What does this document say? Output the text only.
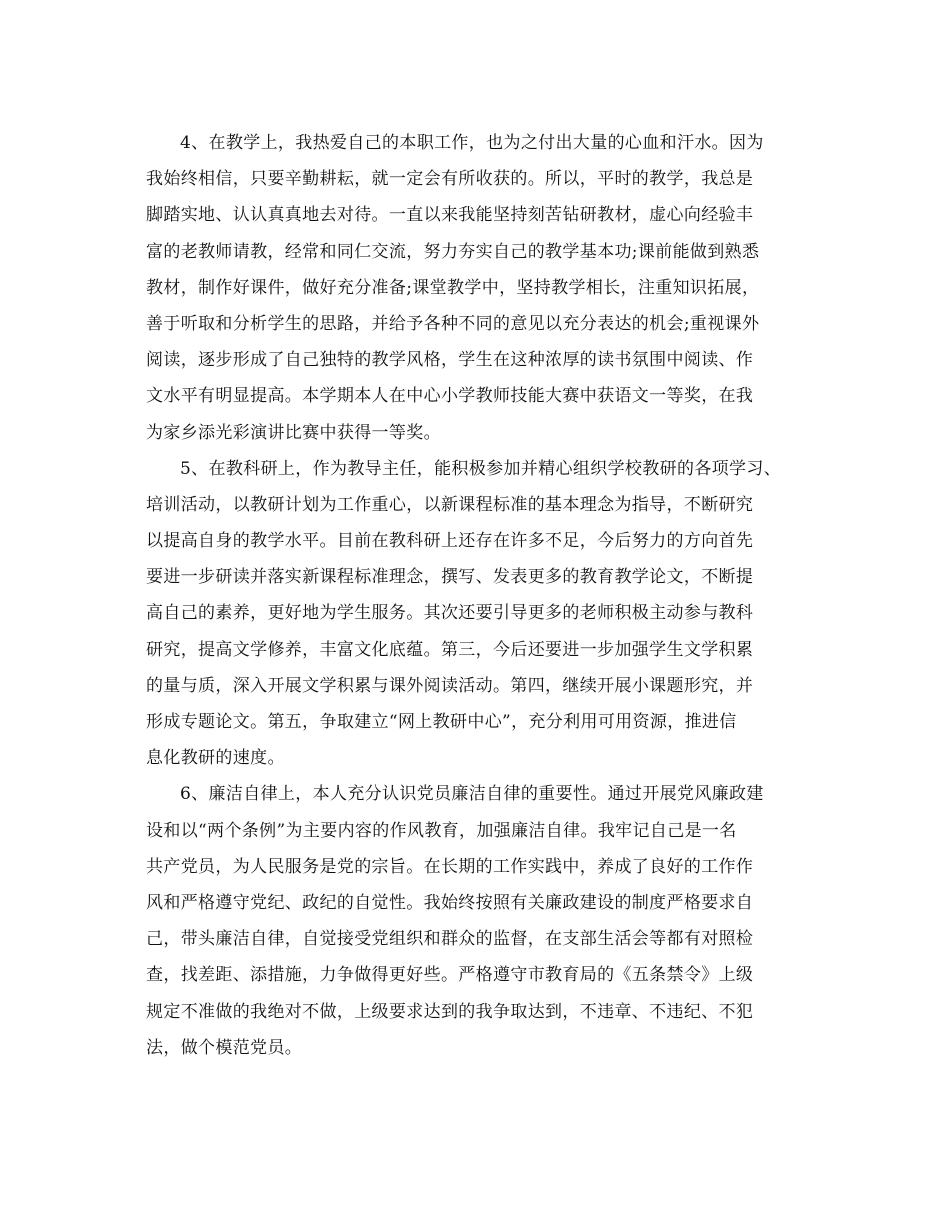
4、在教学上，我热爱自己的本职工作，也为之付出大量的心血和汗水。因为
我始终相信，只要辛勤耕耘，就一定会有所收获的。所以，平时的教学，我总是
脚踏实地、认认真真地去对待。一直以来我能坚持刻苦钻研教材，虚心向经验丰
富的老教师请教，经常和同仁交流，努力夯实自己的教学基本功;课前能做到熟悉
教材，制作好课件，做好充分准备;课堂教学中，坚持教学相长，注重知识拓展，
善于听取和分析学生的思路，并给予各种不同的意见以充分表达的机会;重视课外
阅读，逐步形成了自己独特的教学风格，学生在这种浓厚的读书氛围中阅读、作
文水平有明显提高。本学期本人在中心小学教师技能大赛中获语文一等奖，在我
为家乡添光彩演讲比赛中获得一等奖。
5、在教科研上，作为教导主任，能积极参加并精心组织学校教研的各项学习、
培训活动，以教研计划为工作重心，以新课程标准的基本理念为指导，不断研究
以提高自身的教学水平。目前在教科研上还存在许多不足，今后努力的方向首先
要进一步研读并落实新课程标准理念，撰写、发表更多的教育教学论文，不断提
高自己的素养，更好地为学生服务。其次还要引导更多的老师积极主动参与教科
研究，提高文学修养，丰富文化底蕴。第三，今后还要进一步加强学生文学积累
的量与质，深入开展文学积累与课外阅读活动。第四，继续开展小课题形究，并
形成专题论文。第五，争取建立“网上教研中心”，充分利用可用资源，推进信
息化教研的速度。
6、廉洁自律上，本人充分认识党员廉洁自律的重要性。通过开展党风廉政建
设和以“两个条例”为主要内容的作风教育，加强廉洁自律。我牢记自己是一名
共产党员，为人民服务是党的宗旨。在长期的工作实践中，养成了良好的工作作
风和严格遵守党纪、政纪的自觉性。我始终按照有关廉政建设的制度严格要求自
己，带头廉洁自律，自觉接受党组织和群众的监督，在支部生活会等都有对照检
查，找差距、添措施，力争做得更好些。严格遵守市教育局的《五条禁令》上级
规定不准做的我绝对不做，上级要求达到的我争取达到，不违章、不违纪、不犯
法，做个模范党员。
